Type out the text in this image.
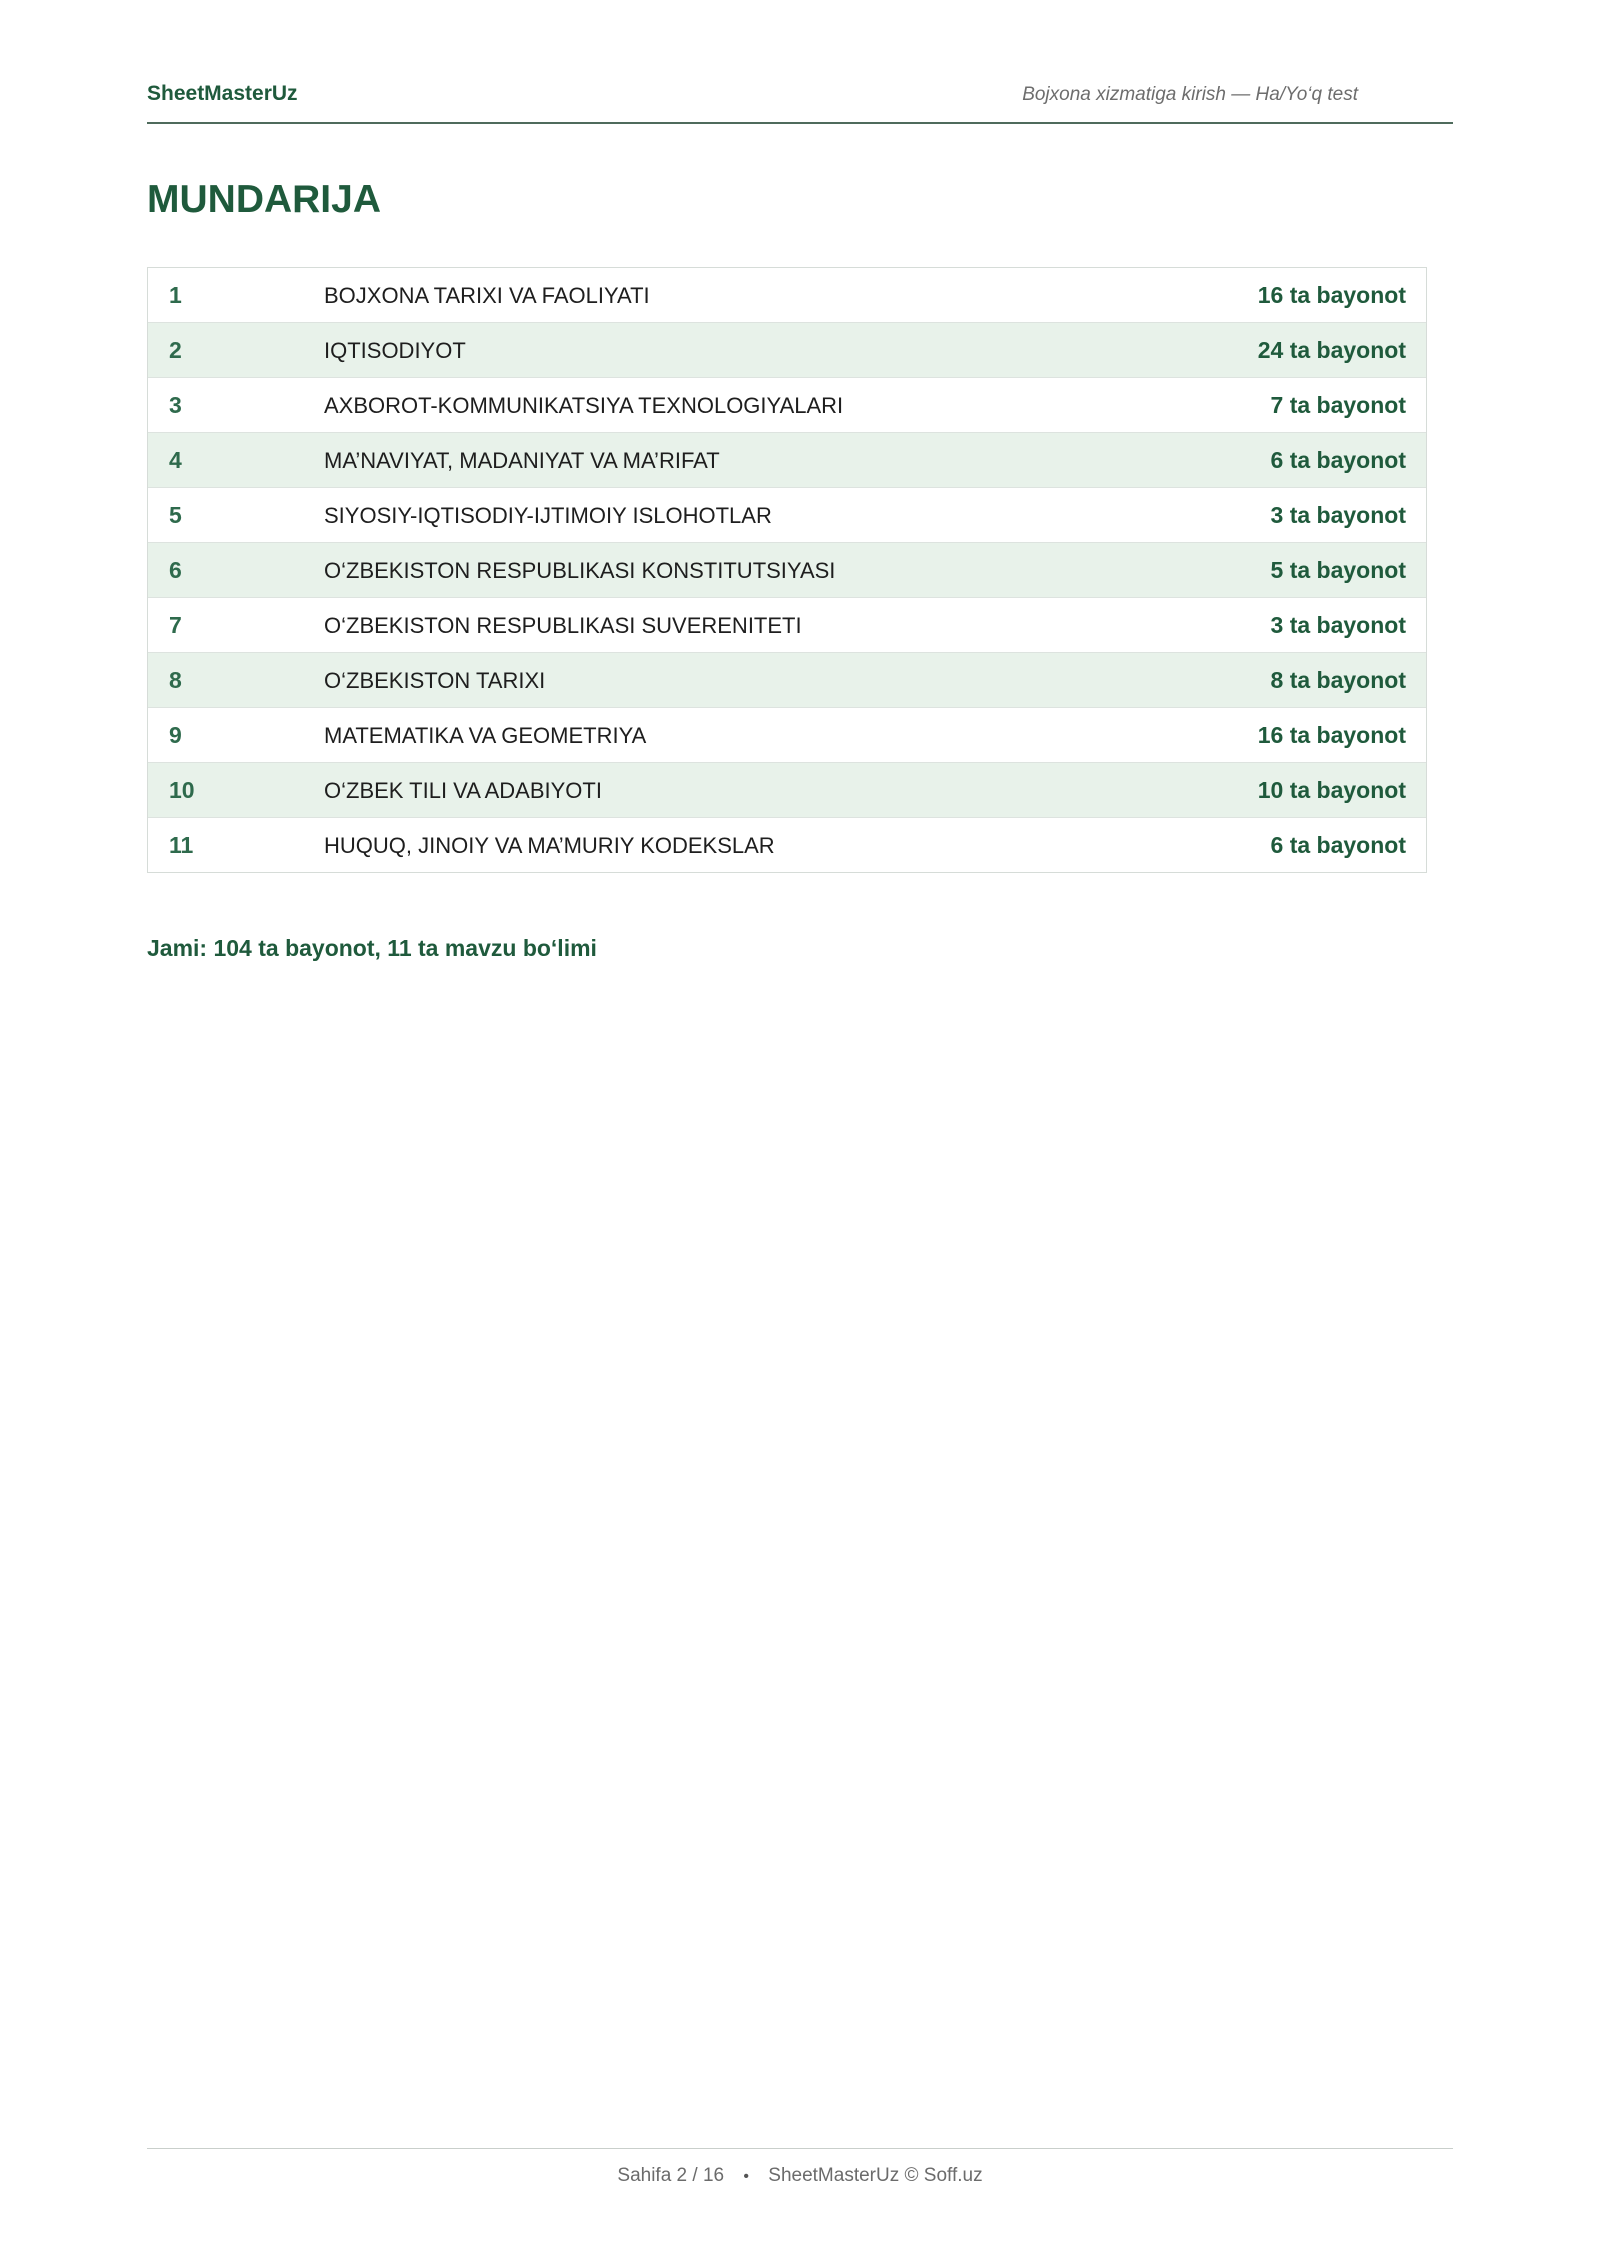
SheetMasterUz	Bojxona xizmatiga kirish — Ha/Yo‘q test
MUNDARIJA
1	BOJXONA TARIXI VA FAOLIYATI	16 ta bayonot
2	IQTISODIYOT	24 ta bayonot
3	AXBOROT-KOMMUNIKATSIYA TEXNOLOGIYALARI	7 ta bayonot
4	MA’NAVIYAT, MADANIYAT VA MA’RIFAT	6 ta bayonot
5	SIYOSIY-IQTISODIY-IJTIMOIY ISLOHOTLAR	3 ta bayonot
6	O‘ZBEKISTON RESPUBLIKASI KONSTITUTSIYASI	5 ta bayonot
7	O‘ZBEKISTON RESPUBLIKASI SUVERENITETI	3 ta bayonot
8	O‘ZBEKISTON TARIXI	8 ta bayonot
9	MATEMATIKA VA GEOMETRIYA	16 ta bayonot
10	O‘ZBEK TILI VA ADABIYOTI	10 ta bayonot
11	HUQUQ, JINOIY VA MA’MURIY KODEKSLAR	6 ta bayonot
Jami: 104 ta bayonot, 11 ta mavzu bo‘limi
Sahifa 2 / 16 • SheetMasterUz © Soff.uz
